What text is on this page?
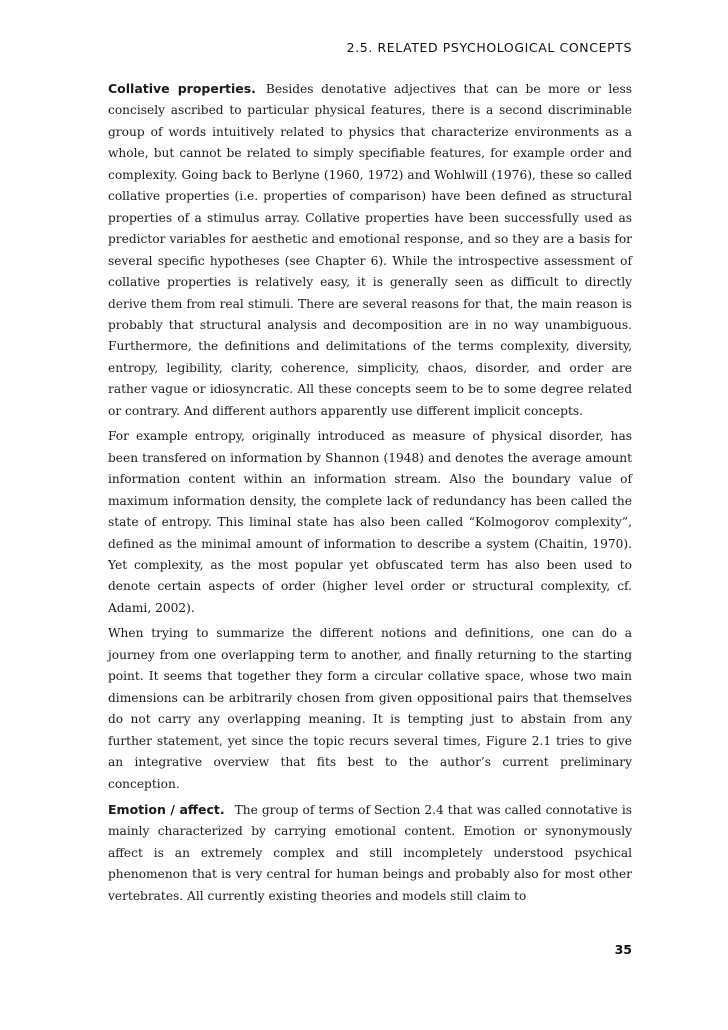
2.5. RELATED PSYCHOLOGICAL CONCEPTS

Collative properties. Besides denotative adjectives that can be more or less concisely ascribed to particular physical features, there is a second discriminable group of words intuitively related to physics that characterize environments as a whole, but cannot be related to simply specifiable features, for example order and complexity. Going back to Berlyne (1960, 1972) and Wohlwill (1976), these so called collative properties (i.e. properties of comparison) have been defined as structural properties of a stimulus array. Collative properties have been successfully used as predictor variables for aesthetic and emotional response, and so they are a basis for several specific hypotheses (see Chapter 6). While the introspective assessment of collative properties is relatively easy, it is generally seen as difficult to directly derive them from real stimuli. There are several reasons for that, the main reason is probably that structural analysis and decomposition are in no way unambiguous. Furthermore, the definitions and delimitations of the terms complexity, diversity, entropy, legibility, clarity, coherence, simplicity, chaos, disorder, and order are rather vague or idiosyncratic. All these concepts seem to be to some degree related or contrary. And different authors apparently use different implicit concepts.

For example entropy, originally introduced as measure of physical disorder, has been transfered on information by Shannon (1948) and denotes the average amount information content within an information stream. Also the boundary value of maximum information density, the complete lack of redundancy has been called the state of entropy. This liminal state has also been called “Kolmogorov complexity”, defined as the minimal amount of information to describe a system (Chaitin, 1970). Yet complexity, as the most popular yet obfuscated term has also been used to denote certain aspects of order (higher level order or structural complexity, cf. Adami, 2002).

When trying to summarize the different notions and definitions, one can do a journey from one overlapping term to another, and finally returning to the starting point. It seems that together they form a circular collative space, whose two main dimensions can be arbitrarily chosen from given oppositional pairs that themselves do not carry any overlapping meaning. It is tempting just to abstain from any further statement, yet since the topic recurs several times, Figure 2.1 tries to give an integrative overview that fits best to the author’s current preliminary conception.

Emotion / affect. The group of terms of Section 2.4 that was called connotative is mainly characterized by carrying emotional content. Emotion or synonymously affect is an extremely complex and still incompletely understood psychical phenomenon that is very central for human beings and probably also for most other vertebrates. All currently existing theories and models still claim to

35
